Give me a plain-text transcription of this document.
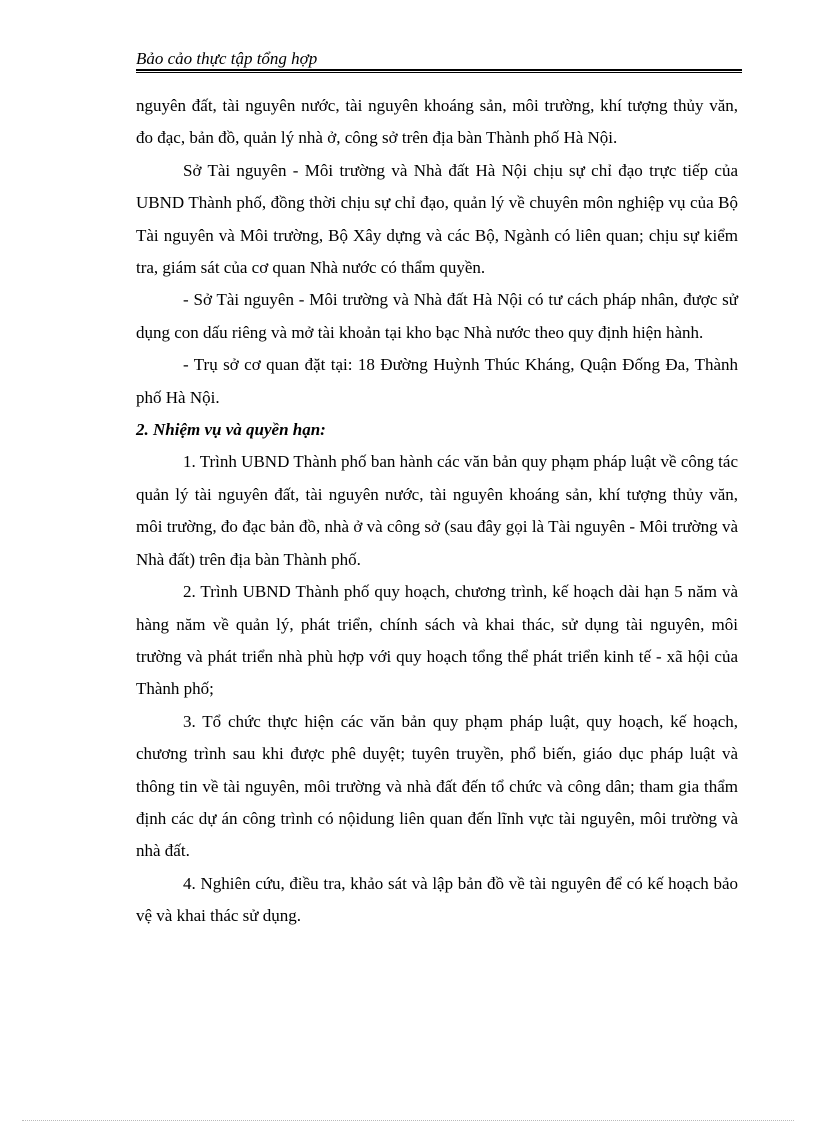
Bảo cảo thực tập tổng hợp

nguyên đất, tài nguyên nước, tài nguyên khoáng sản, môi trường, khí tượng thủy văn, đo đạc, bản đồ, quản lý nhà ở, công sở trên địa bàn Thành phố Hà Nội.

Sở Tài nguyên - Môi trường và Nhà đất Hà Nội chịu sự chỉ đạo trực tiếp của UBND Thành phố, đồng thời chịu sự chỉ đạo, quản lý về chuyên môn nghiệp vụ của Bộ Tài nguyên và Môi trường, Bộ Xây dựng và các Bộ, Ngành có liên quan; chịu sự kiểm tra, giám sát của cơ quan Nhà nước có thẩm quyền.

- Sở Tài nguyên - Môi trường và Nhà đất Hà Nội có tư cách pháp nhân, được sử dụng con dấu riêng và mở tài khoản tại kho bạc Nhà nước theo quy định hiện hành.

- Trụ sở cơ quan đặt tại: 18 Đường Huỳnh Thúc Kháng, Quận Đống Đa, Thành phố Hà Nội.

2. Nhiệm vụ và quyền hạn:

1. Trình UBND Thành phố ban hành các văn bản quy phạm pháp luật về công tác quản lý tài nguyên đất, tài nguyên nước, tài nguyên khoáng sản, khí tượng thủy văn, môi trường, đo đạc bản đồ, nhà ở và công sở (sau đây gọi là Tài nguyên - Môi trường và Nhà đất) trên địa bàn Thành phố.

2. Trình UBND Thành phố quy hoạch, chương trình, kế hoạch dài hạn 5 năm và hàng năm về quản lý, phát triển, chính sách và khai thác, sử dụng tài nguyên, môi trường và phát triển nhà phù hợp với quy hoạch tổng thể phát triển kinh tế - xã hội của Thành phố;

3. Tổ chức thực hiện các văn bản quy phạm pháp luật, quy hoạch, kế hoạch, chương trình sau khi được phê duyệt; tuyên truyền, phổ biến, giáo dục pháp luật và thông tin về tài nguyên, môi trường và nhà đất đến tổ chức và công dân; tham gia thẩm định các dự án công trình có nộidung liên quan đến lĩnh vực tài nguyên, môi trường và nhà đất.

4. Nghiên cứu, điều tra, khảo sát và lập bản đồ về tài nguyên để có kế hoạch bảo vệ và khai thác sử dụng.
